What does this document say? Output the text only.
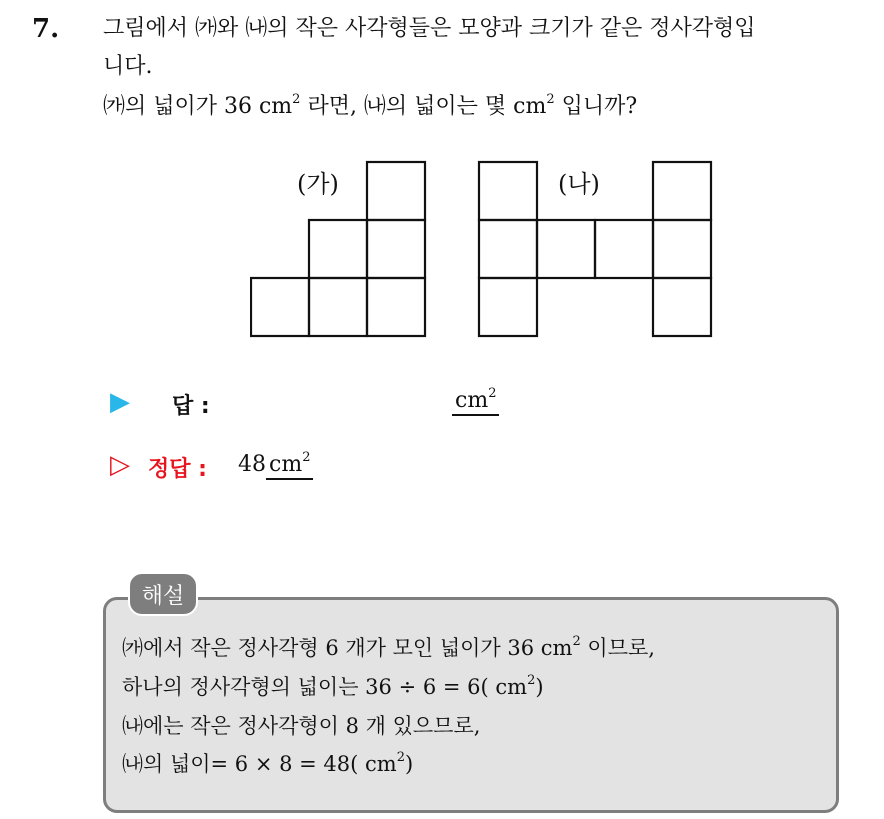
7. 그림에서 ㈎와 ㈏의 작은 사각형들은 모양과 크기가 같은 정사각형입
니다.
㈎의 넓이가 36 $cm^2$ 라면, ㈏의 넓이는 몇 $cm^2$ 입니까?
(가)	(나)
▶ 답 :	$cm^2$
▷ 정답 : 48 $cm^2$
해설
㈎에서 작은 정사각형 6 개가 모인 넓이가 36 $cm^2$ 이므로,
하나의 정사각형의 넓이는 36 ÷ 6 = 6( $cm^2$)
㈏에는 작은 정사각형이 8 개 있으므로,
㈏의 넓이= 6 × 8 = 48( $cm^2$)
